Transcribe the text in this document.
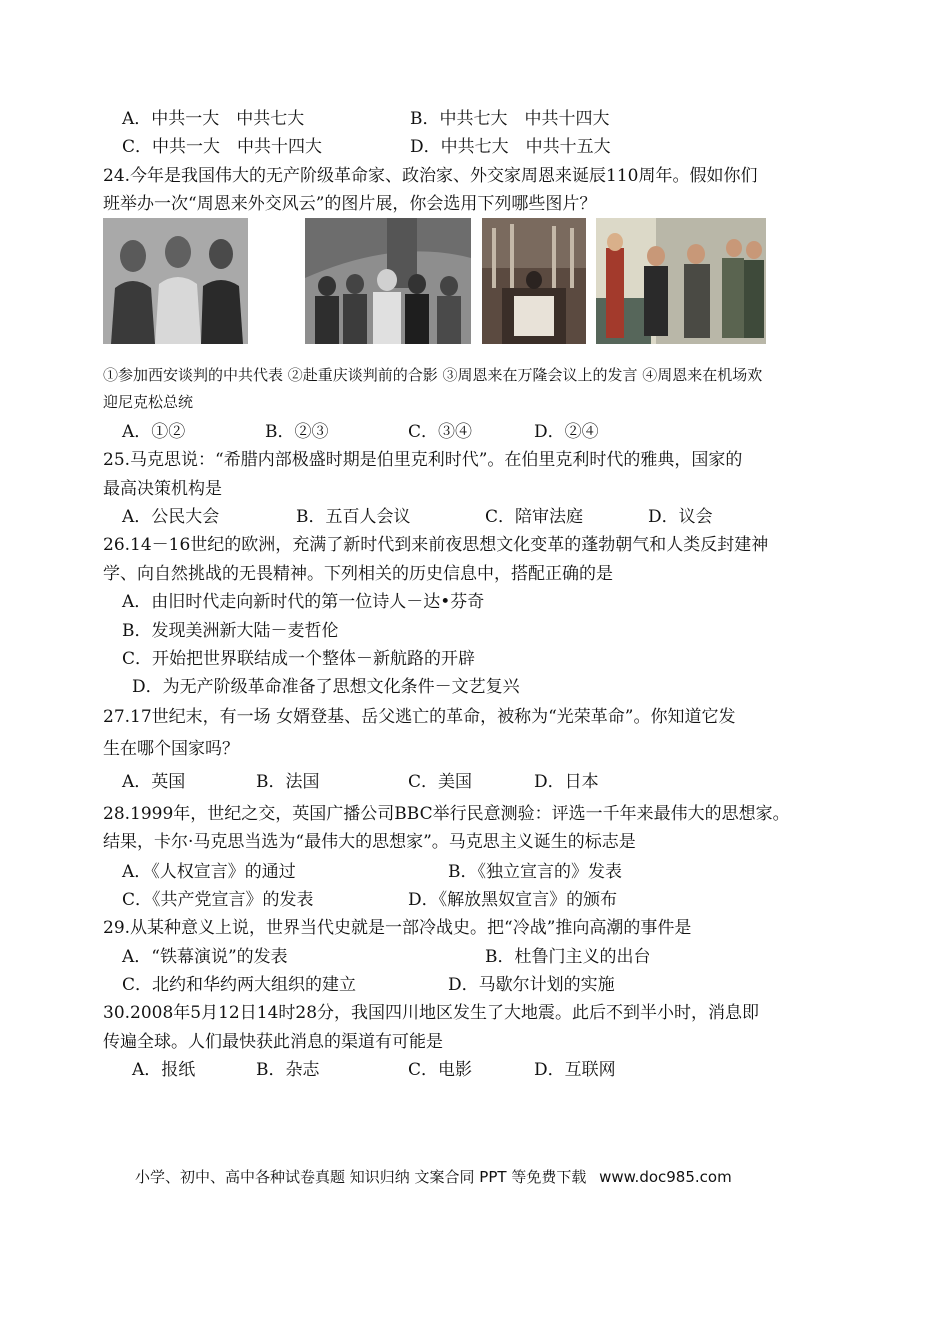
A．中共一大　中共七大	B．中共七大　中共十四大
C．中共一大　中共十四大	D．中共七大　中共十五大
24.今年是我国伟大的无产阶级革命家、政治家、外交家周恩来诞辰110周年。假如你们
班举办一次“周恩来外交风云”的图片展，你会选用下列哪些图片？
①参加西安谈判的中共代表 ②赴重庆谈判前的合影 ③周恩来在万隆会议上的发言 ④周恩来在机场欢
迎尼克松总统
A．①②	B．②③	C．③④	D．②④
25.马克思说：“希腊内部极盛时期是伯里克利时代”。在伯里克利时代的雅典，国家的
最高决策机构是
A．公民大会	B．五百人会议	C．陪审法庭	D．议会
26.14－16世纪的欧洲，充满了新时代到来前夜思想文化变革的蓬勃朝气和人类反封建神
学、向自然挑战的无畏精神。下列相关的历史信息中，搭配正确的是
A．由旧时代走向新时代的第一位诗人－达•芬奇
B．发现美洲新大陆－麦哲伦
C．开始把世界联结成一个整体－新航路的开辟
D．为无产阶级革命准备了思想文化条件－文艺复兴
27.17世纪末，有一场 女婿登基、岳父逃亡的革命，被称为“光荣革命”。你知道它发
生在哪个国家吗？
A．英国	B．法国	C．美国	D．日本
28.1999年，世纪之交，英国广播公司BBC举行民意测验：评选一千年来最伟大的思想家。
结果，卡尔·马克思当选为“最伟大的思想家”。马克思主义诞生的标志是
A．《人权宣言》的通过	B．《独立宣言的》发表
C．《共产党宣言》的发表	D．《解放黑奴宣言》的颁布
29.从某种意义上说，世界当代史就是一部冷战史。把“冷战”推向高潮的事件是
A．“铁幕演说”的发表	B．杜鲁门主义的出台
C．北约和华约两大组织的建立	D．马歇尔计划的实施
30.2008年5月12日14时28分，我国四川地区发生了大地震。此后不到半小时，消息即
传遍全球。人们最快获此消息的渠道有可能是
A．报纸	B．杂志	C．电影	D．互联网
小学、初中、高中各种试卷真题 知识归纳 文案合同 PPT 等免费下载 www.doc985.com
